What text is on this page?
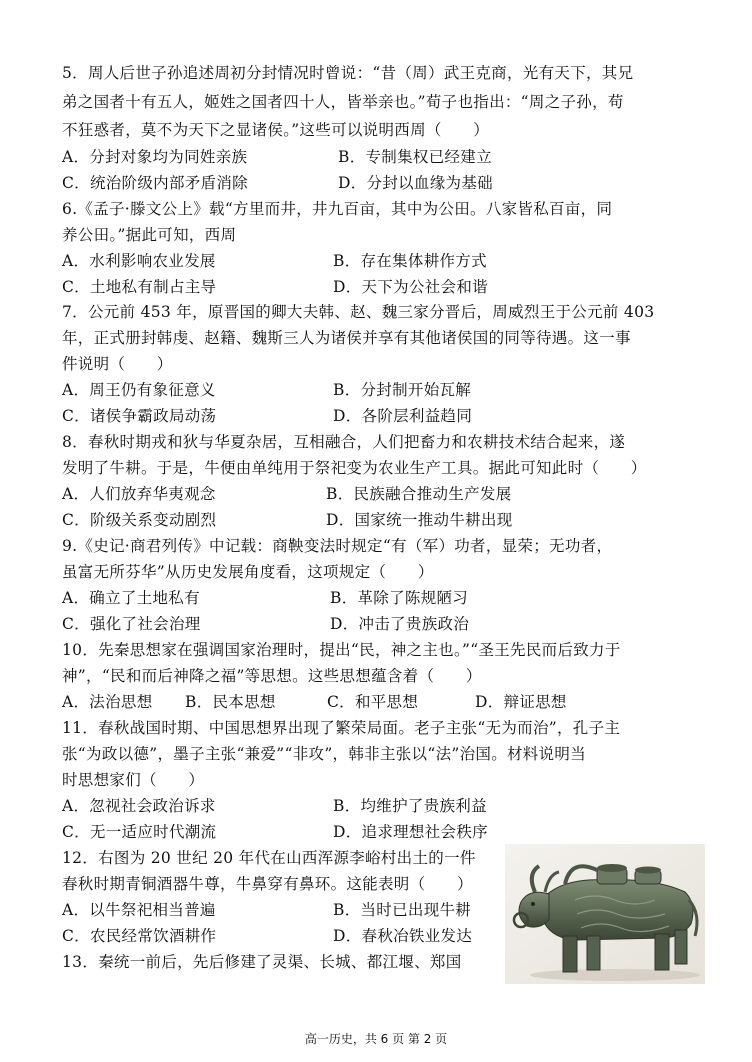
5．周人后世子孙追述周初分封情况时曾说：“昔（周）武王克商，光有天下，其兄
弟之国者十有五人，姬姓之国者四十人，皆举亲也。”荀子也指出：“周之子孙，苟
不狂惑者，莫不为天下之显诸侯。”这些可以说明西周（　　）
A．分封对象均为同姓亲族	B．专制集权已经建立
C．统治阶级内部矛盾消除	D．分封以血缘为基础
6.《孟子·滕文公上》载“方里而井，井九百亩，其中为公田。八家皆私百亩，同
养公田。”据此可知，西周
A．水利影响农业发展	B．存在集体耕作方式
C．土地私有制占主导	D．天下为公社会和谐
7．公元前 453 年，原晋国的卿大夫韩、赵、魏三家分晋后，周威烈王于公元前 403
年，正式册封韩虔、赵籍、魏斯三人为诸侯并享有其他诸侯国的同等待遇。这一事
件说明（　　）
A．周王仍有象征意义	B．分封制开始瓦解
C．诸侯争霸政局动荡	D．各阶层利益趋同
8．春秋时期戎和狄与华夏杂居，互相融合，人们把畜力和农耕技术结合起来，遂
发明了牛耕。于是，牛便由单纯用于祭祀变为农业生产工具。据此可知此时（　　）
A．人们放弃华夷观念	B．民族融合推动生产发展
C．阶级关系变动剧烈	D．国家统一推动牛耕出现
9.《史记·商君列传》中记载：商鞅变法时规定“有（军）功者，显荣；无功者，
虽富无所芬华”从历史发展角度看，这项规定（　　）
A．确立了土地私有	B．革除了陈规陋习
C．强化了社会治理	D．冲击了贵族政治
10．先秦思想家在强调国家治理时，提出“民，神之主也。”“圣王先民而后致力于
神”，“民和而后神降之福”等思想。这些思想蕴含着（　　）
A．法治思想 B．民本思想	C．和平思想	D．辩证思想
11．春秋战国时期、中国思想界出现了繁荣局面。老子主张“无为而治”，孔子主
张“为政以德”，墨子主张“兼爱”“非攻”，韩非主张以“法”治国。材料说明当
时思想家们（　　）
A．忽视社会政治诉求	B．均维护了贵族利益
C．无一适应时代潮流	D．追求理想社会秩序
12．右图为 20 世纪 20 年代在山西浑源李峪村出土的一件
春秋时期青铜酒器牛尊，牛鼻穿有鼻环。这能表明（　　）
A．以牛祭祀相当普遍	B．当时已出现牛耕
C．农民经常饮酒耕作	D．春秋冶铁业发达
13．秦统一前后，先后修建了灵渠、长城、都江堰、郑国
高一历史，共 6 页 第 2 页
